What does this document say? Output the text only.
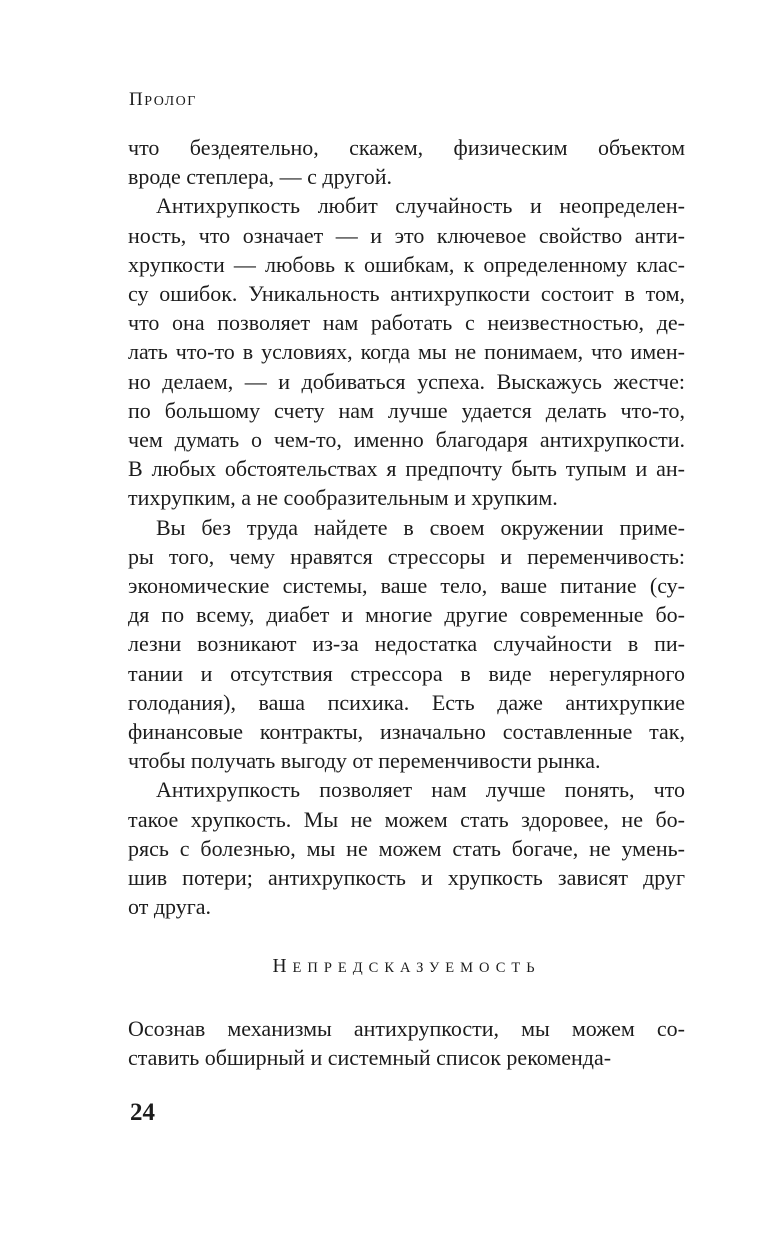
ПРОЛОГ
что бездеятельно, скажем, физическим объектом
вроде степлера, — с другой.
Антихрупкость любит случайность и неопределен-
ность, что означает — и это ключевое свойство анти-
хрупкости — любовь к ошибкам, к определенному клас-
су ошибок. Уникальность антихрупкости состоит в том,
что она позволяет нам работать с неизвестностью, де-
лать что-то в условиях, когда мы не понимаем, что имен-
но делаем, — и добиваться успеха. Выскажусь жестче:
по большому счету нам лучше удается делать что-то,
чем думать о чем-то, именно благодаря антихрупкости.
В любых обстоятельствах я предпочту быть тупым и ан-
тихрупким, а не сообразительным и хрупким.
Вы без труда найдете в своем окружении приме-
ры того, чему нравятся стрессоры и переменчивость:
экономические системы, ваше тело, ваше питание (су-
дя по всему, диабет и многие другие современные бо-
лезни возникают из-за недостатка случайности в пи-
тании и отсутствия стрессора в виде нерегулярного
голодания), ваша психика. Есть даже антихрупкие
финансовые контракты, изначально составленные так,
чтобы получать выгоду от переменчивости рынка.
Антихрупкость позволяет нам лучше понять, что
такое хрупкость. Мы не можем стать здоровее, не бо-
рясь с болезнью, мы не можем стать богаче, не умень-
шив потери; антихрупкость и хрупкость зависят друг
от друга.
НЕПРЕДСКАЗУЕМОСТЬ
Осознав механизмы антихрупкости, мы можем со-
ставить обширный и системный список рекоменда-
24
